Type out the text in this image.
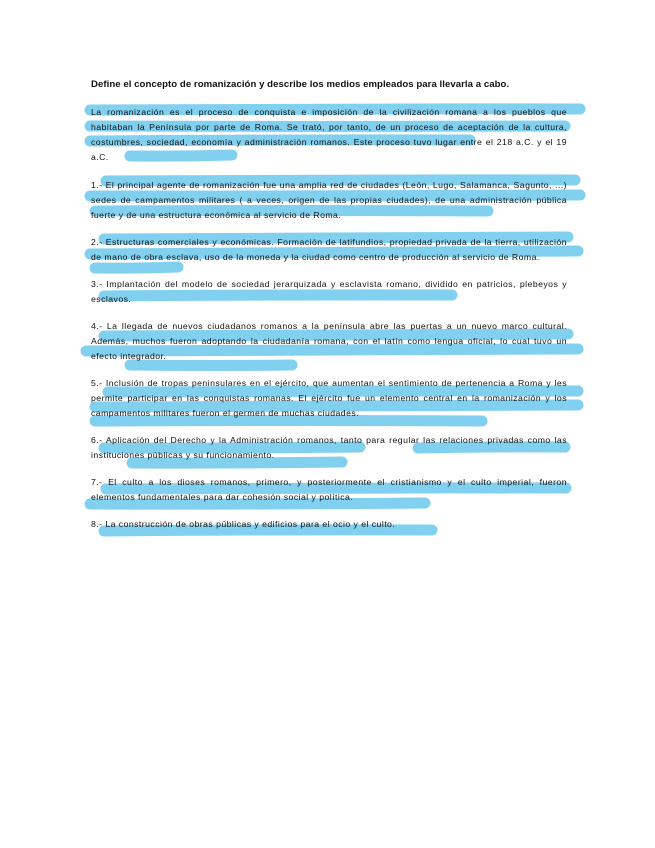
Define el concepto de romanización y describe los medios empleados para llevarla a cabo.

La romanización es el proceso de conquista e imposición de la civilización romana a los pueblos que habitaban la Península por parte de Roma. Se trató, por tanto, de un proceso de aceptación de la cultura, costumbres, sociedad, economía y administración romanos. Este proceso tuvo lugar entre el 218 a.C. y el 19 a.C.

1.- El principal agente de romanización fue una amplia red de ciudades (León, Lugo, Salamanca, Sagunto, ...) sedes de campamentos militares ( a veces, origen de las propias ciudades), de una administración pública fuerte y de una estructura económica al servicio de Roma.

2.- Estructuras comerciales y económicas. Formación de latifundios, propiedad privada de la tierra, utilización de mano de obra esclava, uso de la moneda y la ciudad como centro de producción al servicio de Roma.

3.- Implantación del modelo de sociedad jerarquizada y esclavista romano, dividido en patricios, plebeyos y esclavos.

4.- La llegada de nuevos ciudadanos romanos a la península abre las puertas a un nuevo marco cultural. Además, muchos fueron adoptando la ciudadanía romana, con el latín como lengua oficial, lo cual tuvo un efecto integrador.

5.- Inclusión de tropas peninsulares en el ejército, que aumentan el sentimiento de pertenencia a Roma y les permite participar en las conquistas romanas. El ejército fue un elemento central en la romanización y los campamentos militares fueron el germen de muchas ciudades.

6.- Aplicación del Derecho y la Administración romanos, tanto para regular las relaciones privadas como las instituciones públicas y su funcionamiento.

7.- El culto a los dioses romanos, primero, y posteriormente el cristianismo y el culto imperial, fueron elementos fundamentales para dar cohesión social y política.

8.- La construcción de obras públicas y edificios para el ocio y el culto.
